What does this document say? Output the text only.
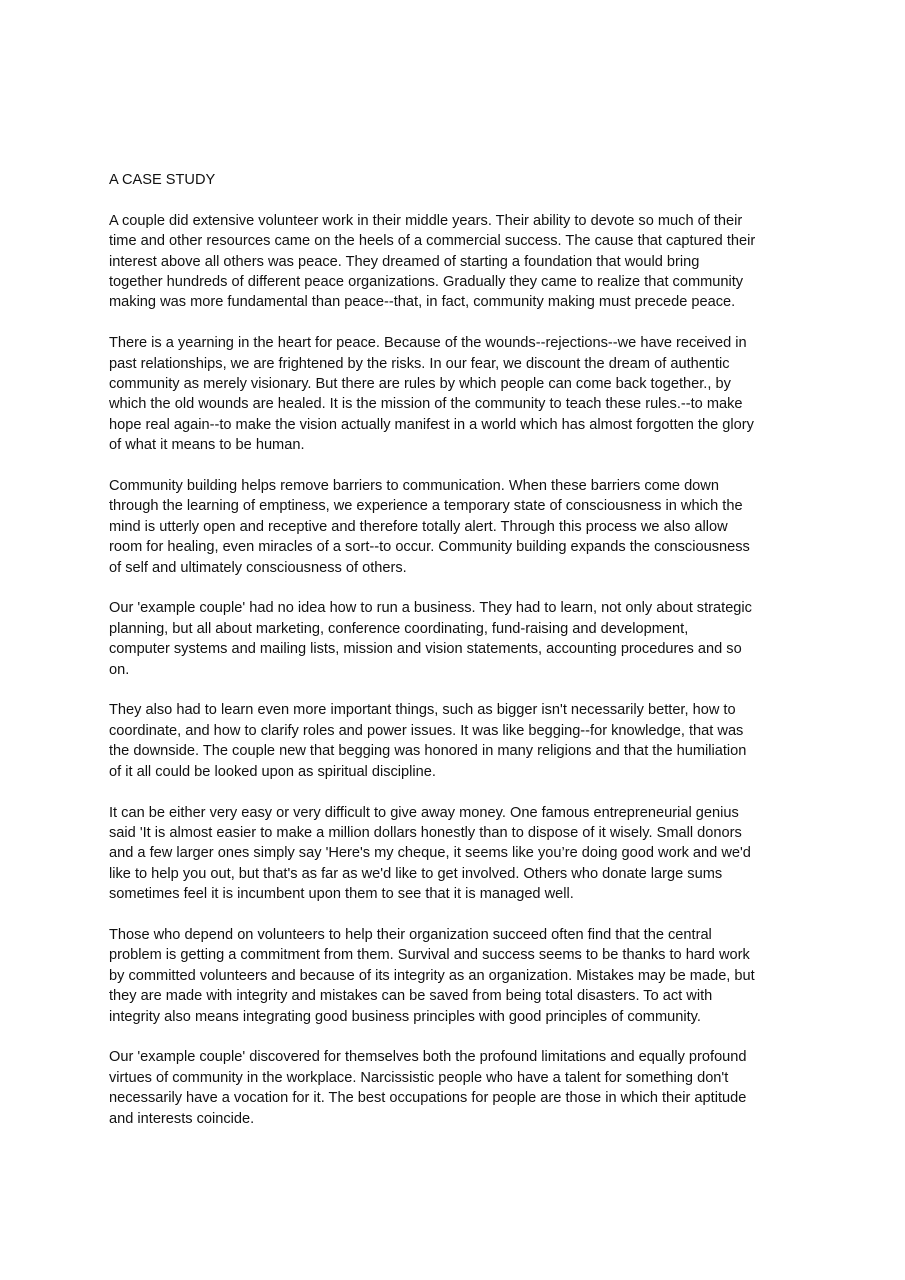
A CASE STUDY

A couple did extensive volunteer work in their middle years. Their ability to devote so much of their
time and other resources came on the heels of a commercial success. The cause that captured their
interest above all others was peace. They dreamed of starting a foundation that would bring
together hundreds of different peace organizations. Gradually they came to realize that community
making was more fundamental than peace--that, in fact, community making must precede peace.

There is a yearning in the heart for peace. Because of the wounds--rejections--we have received in
past relationships, we are frightened by the risks. In our fear, we discount the dream of authentic
community as merely visionary. But there are rules by which people can come back together., by
which the old wounds are healed. It is the mission of the community to teach these rules.--to make
hope real again--to make the vision actually manifest in a world which has almost forgotten the glory
of what it means to be human.

Community building helps remove barriers to communication. When these barriers come down
through the learning of emptiness, we experience a temporary state of consciousness in which the
mind is utterly open and receptive and therefore totally alert. Through this process we also allow
room for healing, even miracles of a sort--to occur. Community building expands the consciousness
of self and ultimately consciousness of others.

Our 'example couple' had no idea how to run a business. They had to learn, not only about strategic
planning, but all about marketing, conference coordinating, fund-raising and development,
computer systems and mailing lists, mission and vision statements, accounting procedures and so
on.

They also had to learn even more important things, such as bigger isn't necessarily better, how to
coordinate, and how to clarify roles and power issues. It was like begging--for knowledge, that was
the downside. The couple new that begging was honored in many religions and that the humiliation
of it all could be looked upon as spiritual discipline.

It can be either very easy or very difficult to give away money. One famous entrepreneurial genius
said 'It is almost easier to make a million dollars honestly than to dispose of it wisely. Small donors
and a few larger ones simply say 'Here's my cheque, it seems like you’re doing good work and we'd
like to help you out, but that's as far as we'd like to get involved. Others who donate large sums
sometimes feel it is incumbent upon them to see that it is managed well.

Those who depend on volunteers to help their organization succeed often find that the central
problem is getting a commitment from them. Survival and success seems to be thanks to hard work
by committed volunteers and because of its integrity as an organization. Mistakes may be made, but
they are made with integrity and mistakes can be saved from being total disasters. To act with
integrity also means integrating good business principles with good principles of community.

Our 'example couple' discovered for themselves both the profound limitations and equally profound
virtues of community in the workplace. Narcissistic people who have a talent for something don't
necessarily have a vocation for it. The best occupations for people are those in which their aptitude
and interests coincide.
